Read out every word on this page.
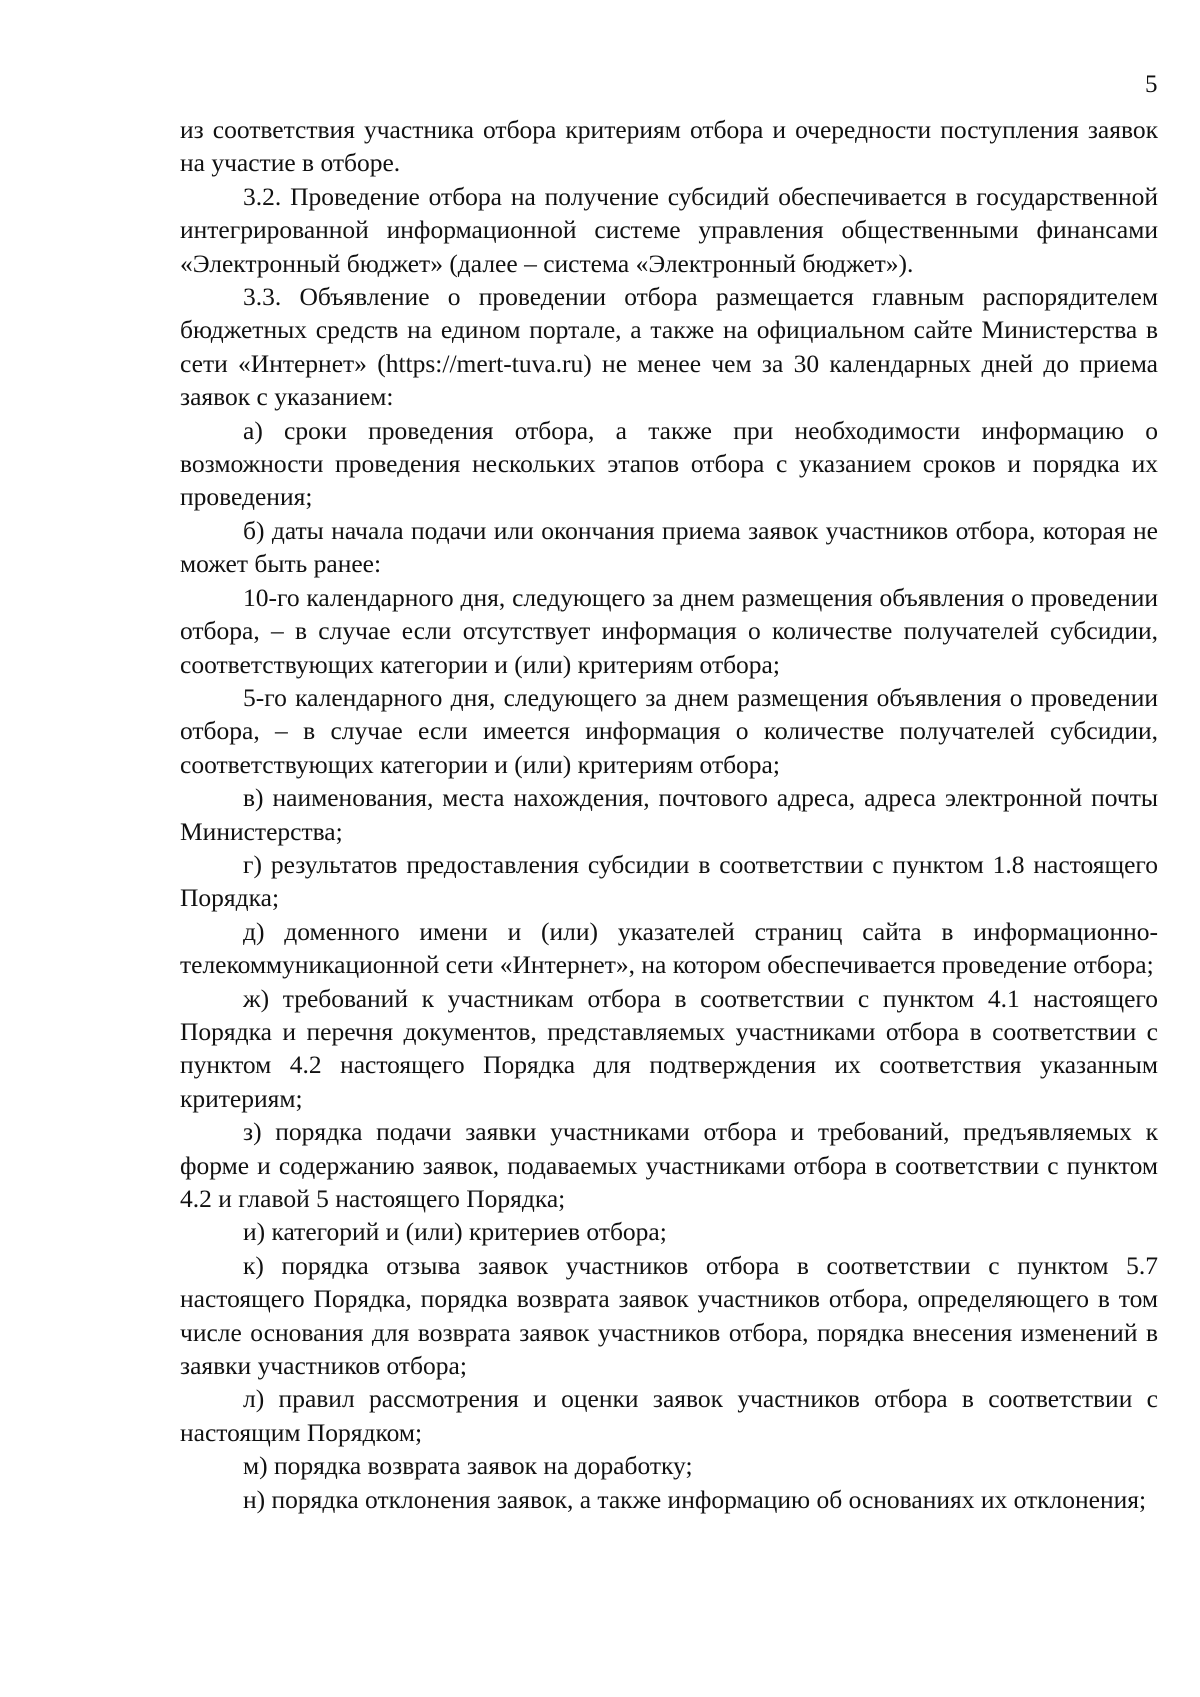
5

из соответствия участника отбора критериям отбора и очередности поступления заявок на участие в отборе.

3.2. Проведение отбора на получение субсидий обеспечивается в государственной интегрированной информационной системе управления общественными финансами «Электронный бюджет» (далее – система «Электронный бюджет»).

3.3. Объявление о проведении отбора размещается главным распорядителем бюджетных средств на едином портале, а также на официальном сайте Министерства в сети «Интернет» (https://mert-tuva.ru) не менее чем за 30 календарных дней до приема заявок с указанием:

а) сроки проведения отбора, а также при необходимости информацию о возможности проведения нескольких этапов отбора с указанием сроков и порядка их проведения;

б) даты начала подачи или окончания приема заявок участников отбора, которая не может быть ранее:

10-го календарного дня, следующего за днем размещения объявления о проведении отбора, – в случае если отсутствует информация о количестве получателей субсидии, соответствующих категории и (или) критериям отбора;

5-го календарного дня, следующего за днем размещения объявления о проведении отбора, – в случае если имеется информация о количестве получателей субсидии, соответствующих категории и (или) критериям отбора;

в) наименования, места нахождения, почтового адреса, адреса электронной почты Министерства;

г) результатов предоставления субсидии в соответствии с пунктом 1.8 настоящего Порядка;

д) доменного имени и (или) указателей страниц сайта в информационно-телекоммуникационной сети «Интернет», на котором обеспечивается проведение отбора;

ж) требований к участникам отбора в соответствии с пунктом 4.1 настоящего Порядка и перечня документов, представляемых участниками отбора в соответствии с пунктом 4.2 настоящего Порядка для подтверждения их соответствия указанным критериям;

з) порядка подачи заявки участниками отбора и требований, предъявляемых к форме и содержанию заявок, подаваемых участниками отбора в соответствии с пунктом 4.2 и главой 5 настоящего Порядка;

и) категорий и (или) критериев отбора;

к) порядка отзыва заявок участников отбора в соответствии с пунктом 5.7 настоящего Порядка, порядка возврата заявок участников отбора, определяющего в том числе основания для возврата заявок участников отбора, порядка внесения изменений в заявки участников отбора;

л) правил рассмотрения и оценки заявок участников отбора в соответствии с настоящим Порядком;

м) порядка возврата заявок на доработку;

н) порядка отклонения заявок, а также информацию об основаниях их отклонения;
